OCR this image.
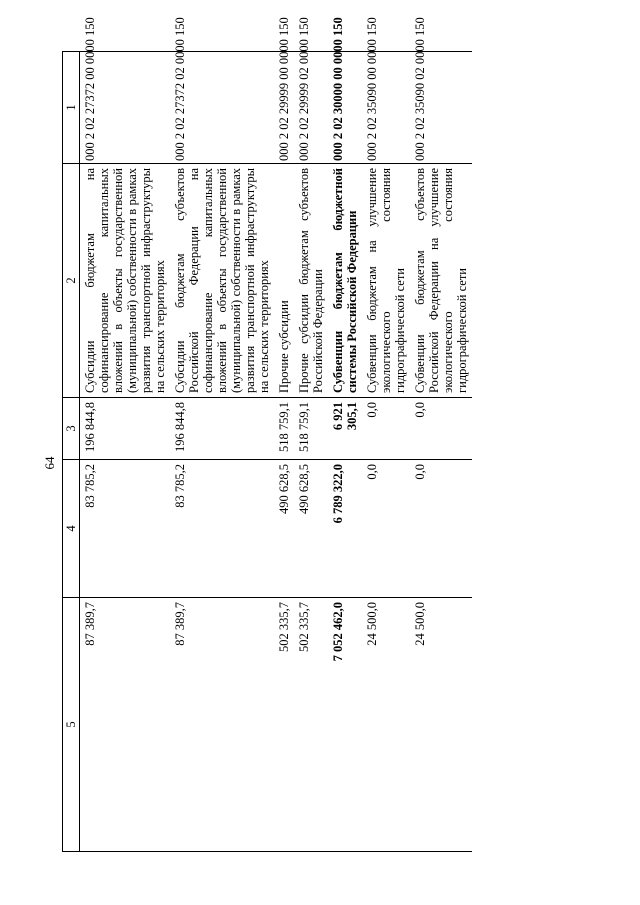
64
5	4	3	2	1
87 389,7	83 785,2	196 844,8	Субсидии бюджетам на софинансирование капитальных вложений в объекты государственной (муниципальной) собственности в рамках развития транспортной инфраструктуры на сельских территориях	000 2 02 27372 00 0000 150
87 389,7	83 785,2	196 844,8	Субсидии бюджетам субъектов Российской Федерации на софинансирование капитальных вложений в объекты государственной (муниципальной) собственности в рамках развития транспортной инфраструктуры на сельских территориях	000 2 02 27372 02 0000 150
502 335,7	490 628,5	518 759,1	Прочие субсидии	000 2 02 29999 00 0000 150
502 335,7	490 628,5	518 759,1	Прочие субсидии бюджетам субъектов Российской Федерации	000 2 02 29999 02 0000 150
7 052 462,0	6 789 322,0	6 921 305,1	Субвенции бюджетам бюджетной системы Российской Федерации	000 2 02 30000 00 0000 150
24 500,0	0,0	0,0	Субвенции бюджетам на улучшение экологического состояния гидрографической сети	000 2 02 35090 00 0000 150
24 500,0	0,0	0,0	Субвенции бюджетам субъектов Российской Федерации на улучшение экологического состояния гидрографической сети	000 2 02 35090 02 0000 150
